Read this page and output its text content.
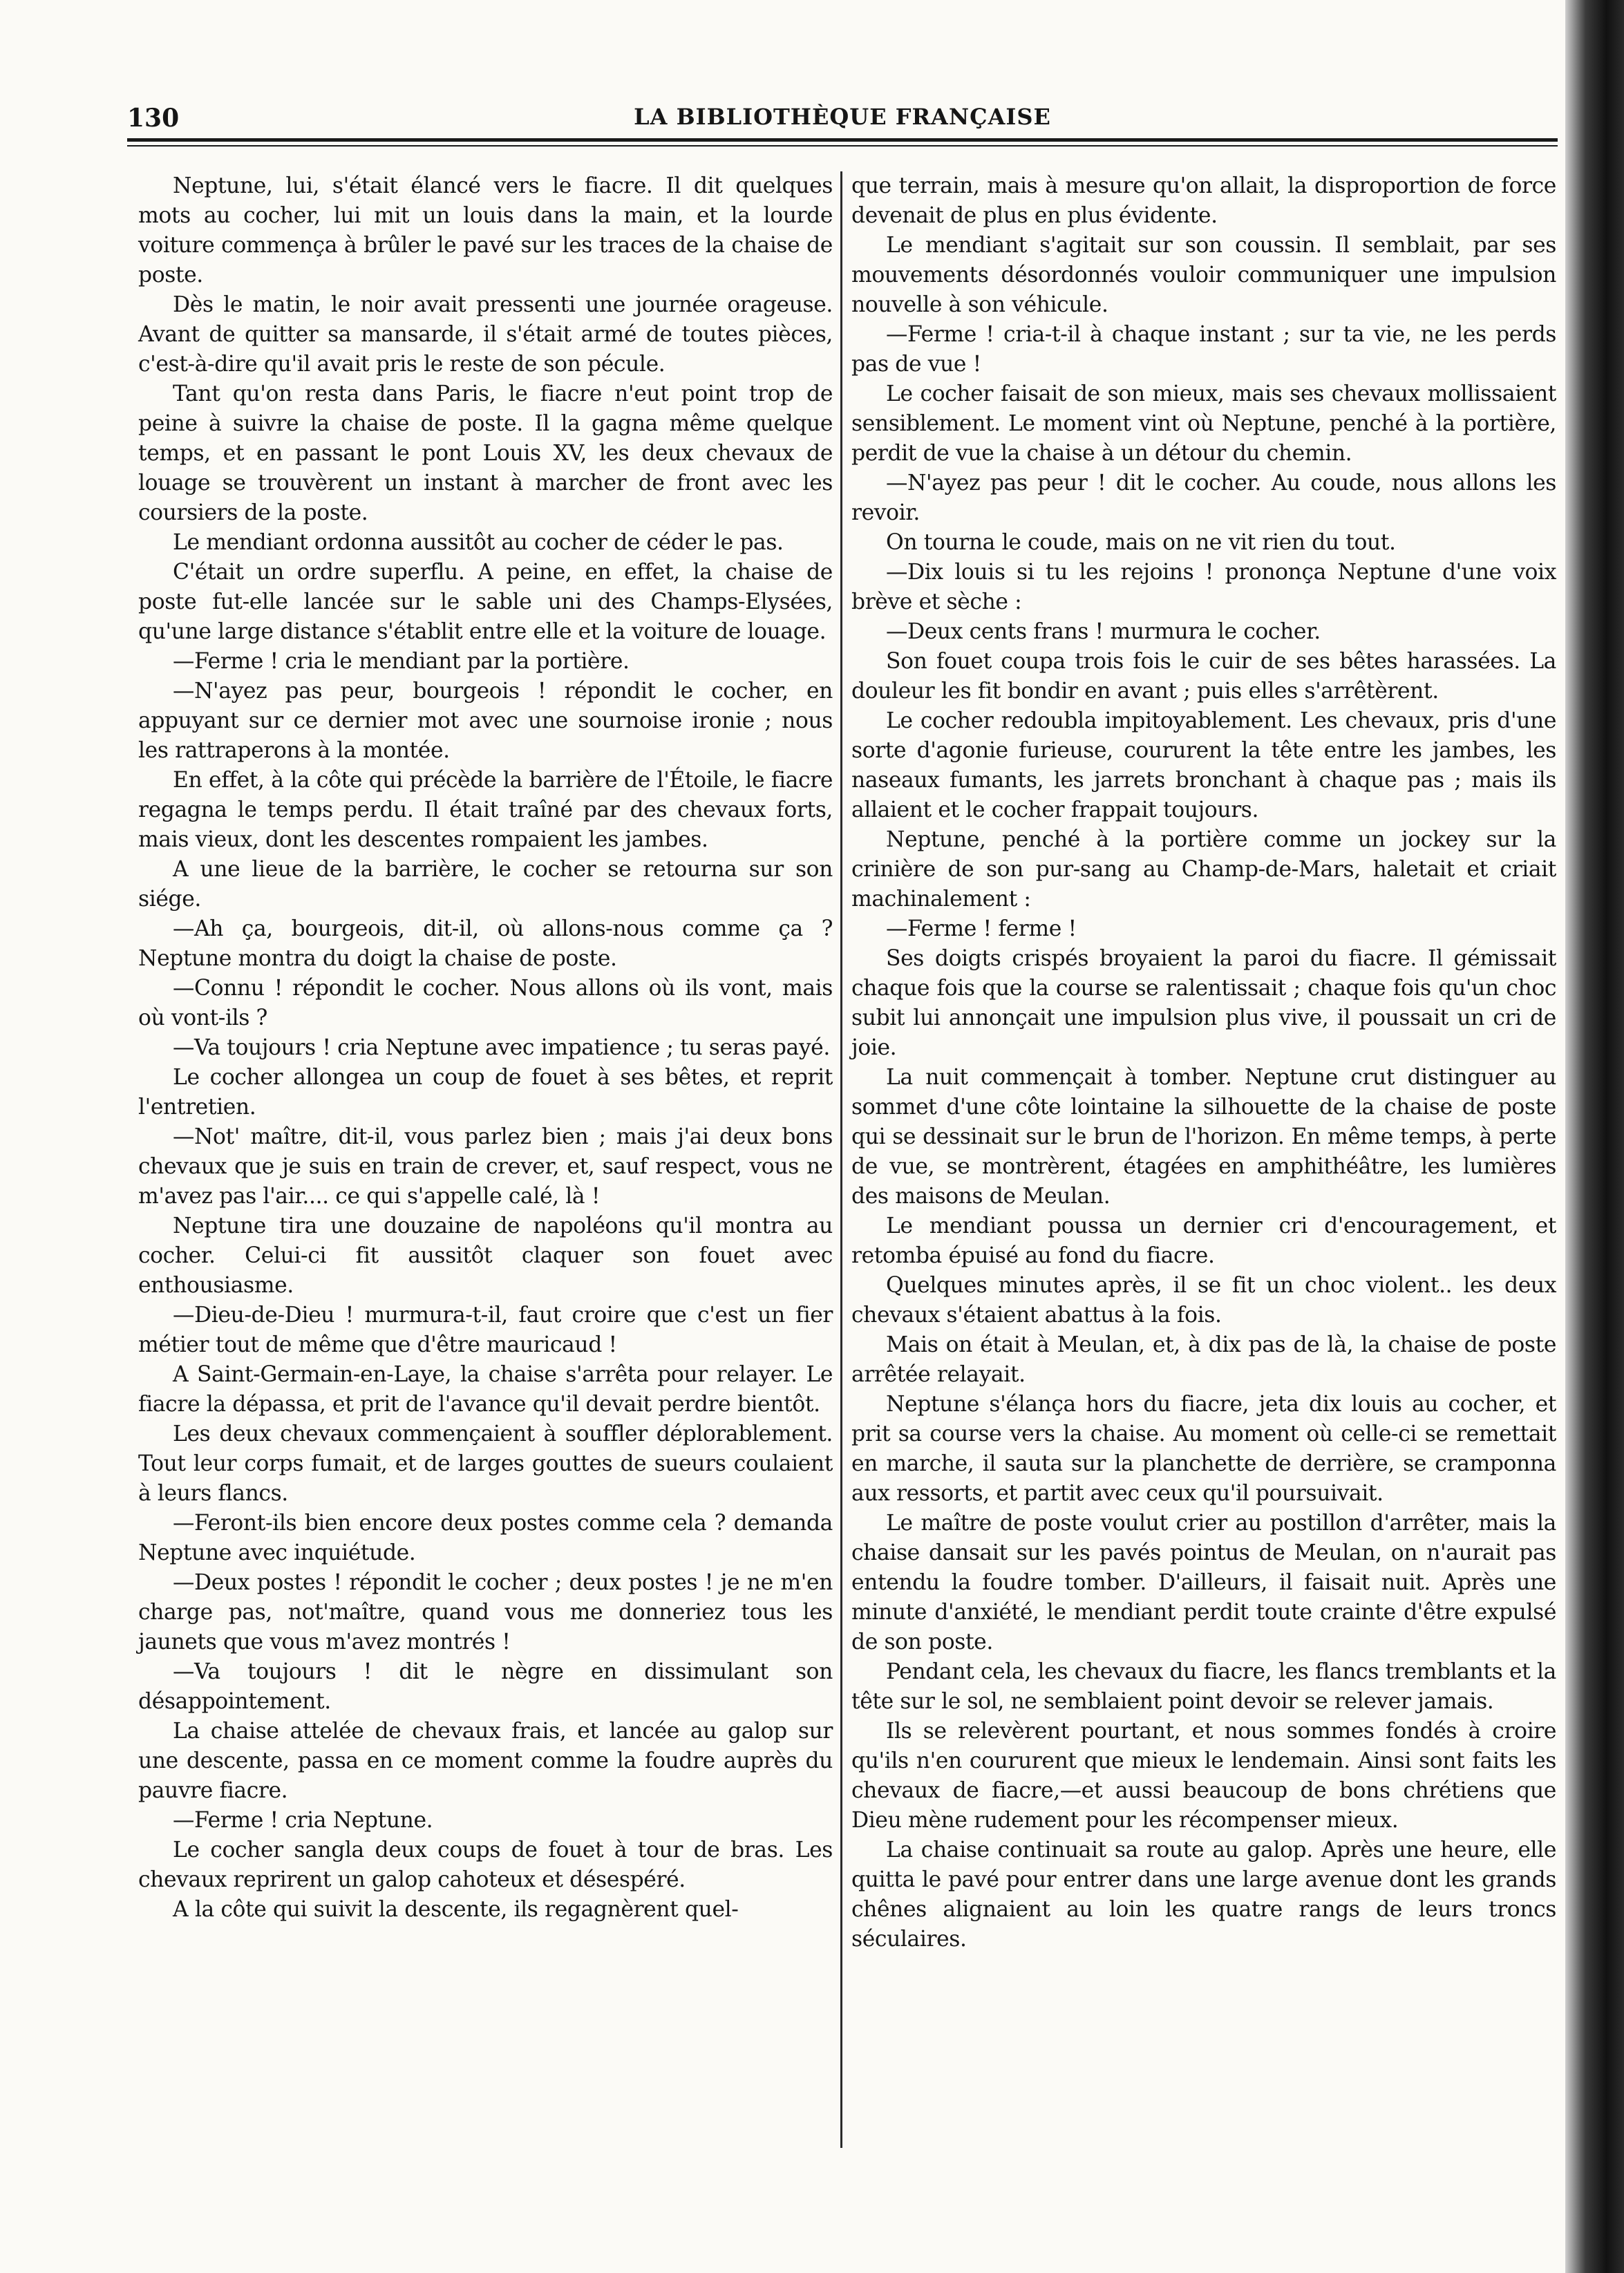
130	LA BIBLIOTHÈQUE FRANÇAISE

Neptune, lui, s'était élancé vers le fiacre. Il dit quelques mots au cocher, lui mit un louis dans la main, et la lourde voiture commença à brûler le pavé sur les traces de la chaise de poste.

Dès le matin, le noir avait pressenti une journée orageuse. Avant de quitter sa mansarde, il s'était armé de toutes pièces, c'est-à-dire qu'il avait pris le reste de son pécule.

Tant qu'on resta dans Paris, le fiacre n'eut point trop de peine à suivre la chaise de poste. Il la gagna même quelque temps, et en passant le pont Louis XV, les deux chevaux de louage se trouvèrent un instant à marcher de front avec les coursiers de la poste.

Le mendiant ordonna aussitôt au cocher de céder le pas.

C'était un ordre superflu. A peine, en effet, la chaise de poste fut-elle lancée sur le sable uni des Champs-Elysées, qu'une large distance s'établit entre elle et la voiture de louage.

—Ferme ! cria le mendiant par la portière.

—N'ayez pas peur, bourgeois ! répondit le cocher, en appuyant sur ce dernier mot avec une sournoise ironie ; nous les rattraperons à la montée.

En effet, à la côte qui précède la barrière de l'Étoile, le fiacre regagna le temps perdu. Il était traîné par des chevaux forts, mais vieux, dont les descentes rompaient les jambes.

A une lieue de la barrière, le cocher se retourna sur son siége.

—Ah ça, bourgeois, dit-il, où allons-nous comme ça ? Neptune montra du doigt la chaise de poste.

—Connu ! répondit le cocher. Nous allons où ils vont, mais où vont-ils ?

—Va toujours ! cria Neptune avec impatience ; tu seras payé.

Le cocher allongea un coup de fouet à ses bêtes, et reprit l'entretien.

—Not' maître, dit-il, vous parlez bien ; mais j'ai deux bons chevaux que je suis en train de crever, et, sauf respect, vous ne m'avez pas l'air.... ce qui s'appelle calé, là !

Neptune tira une douzaine de napoléons qu'il montra au cocher. Celui-ci fit aussitôt claquer son fouet avec enthousiasme.

—Dieu-de-Dieu ! murmura-t-il, faut croire que c'est un fier métier tout de même que d'être mauricaud !

A Saint-Germain-en-Laye, la chaise s'arrêta pour relayer. Le fiacre la dépassa, et prit de l'avance qu'il devait perdre bientôt.

Les deux chevaux commençaient à souffler déplorablement. Tout leur corps fumait, et de larges gouttes de sueurs coulaient à leurs flancs.

—Feront-ils bien encore deux postes comme cela ? demanda Neptune avec inquiétude.

—Deux postes ! répondit le cocher ; deux postes ! je ne m'en charge pas, not'maître, quand vous me donneriez tous les jaunets que vous m'avez montrés !

—Va toujours ! dit le nègre en dissimulant son désappointement.

La chaise attelée de chevaux frais, et lancée au galop sur une descente, passa en ce moment comme la foudre auprès du pauvre fiacre.

—Ferme ! cria Neptune.

Le cocher sangla deux coups de fouet à tour de bras. Les chevaux reprirent un galop cahoteux et désespéré.

A la côte qui suivit la descente, ils regagnèrent quel-

que terrain, mais à mesure qu'on allait, la disproportion de force devenait de plus en plus évidente.

Le mendiant s'agitait sur son coussin. Il semblait, par ses mouvements désordonnés vouloir communiquer une impulsion nouvelle à son véhicule.

—Ferme ! cria-t-il à chaque instant ; sur ta vie, ne les perds pas de vue !

Le cocher faisait de son mieux, mais ses chevaux mollissaient sensiblement. Le moment vint où Neptune, penché à la portière, perdit de vue la chaise à un détour du chemin.

—N'ayez pas peur ! dit le cocher. Au coude, nous allons les revoir.

On tourna le coude, mais on ne vit rien du tout.

—Dix louis si tu les rejoins ! prononça Neptune d'une voix brève et sèche :

—Deux cents frans ! murmura le cocher.

Son fouet coupa trois fois le cuir de ses bêtes harassées. La douleur les fit bondir en avant ; puis elles s'arrêtèrent.

Le cocher redoubla impitoyablement. Les chevaux, pris d'une sorte d'agonie furieuse, coururent la tête entre les jambes, les naseaux fumants, les jarrets bronchant à chaque pas ; mais ils allaient et le cocher frappait toujours.

Neptune, penché à la portière comme un jockey sur la crinière de son pur-sang au Champ-de-Mars, haletait et criait machinalement :

—Ferme ! ferme !

Ses doigts crispés broyaient la paroi du fiacre. Il gémissait chaque fois que la course se ralentissait ; chaque fois qu'un choc subit lui annonçait une impulsion plus vive, il poussait un cri de joie.

La nuit commençait à tomber. Neptune crut distinguer au sommet d'une côte lointaine la silhouette de la chaise de poste qui se dessinait sur le brun de l'horizon. En même temps, à perte de vue, se montrèrent, étagées en amphithéâtre, les lumières des maisons de Meulan.

Le mendiant poussa un dernier cri d'encouragement, et retomba épuisé au fond du fiacre.

Quelques minutes après, il se fit un choc violent.. les deux chevaux s'étaient abattus à la fois.

Mais on était à Meulan, et, à dix pas de là, la chaise de poste arrêtée relayait.

Neptune s'élança hors du fiacre, jeta dix louis au cocher, et prit sa course vers la chaise. Au moment où celle-ci se remettait en marche, il sauta sur la planchette de derrière, se cramponna aux ressorts, et partit avec ceux qu'il poursuivait.

Le maître de poste voulut crier au postillon d'arrêter, mais la chaise dansait sur les pavés pointus de Meulan, on n'aurait pas entendu la foudre tomber. D'ailleurs, il faisait nuit. Après une minute d'anxiété, le mendiant perdit toute crainte d'être expulsé de son poste.

Pendant cela, les chevaux du fiacre, les flancs tremblants et la tête sur le sol, ne semblaient point devoir se relever jamais.

Ils se relevèrent pourtant, et nous sommes fondés à croire qu'ils n'en coururent que mieux le lendemain. Ainsi sont faits les chevaux de fiacre,—et aussi beaucoup de bons chrétiens que Dieu mène rudement pour les récompenser mieux.

La chaise continuait sa route au galop. Après une heure, elle quitta le pavé pour entrer dans une large avenue dont les grands chênes alignaient au loin les quatre rangs de leurs troncs séculaires.
